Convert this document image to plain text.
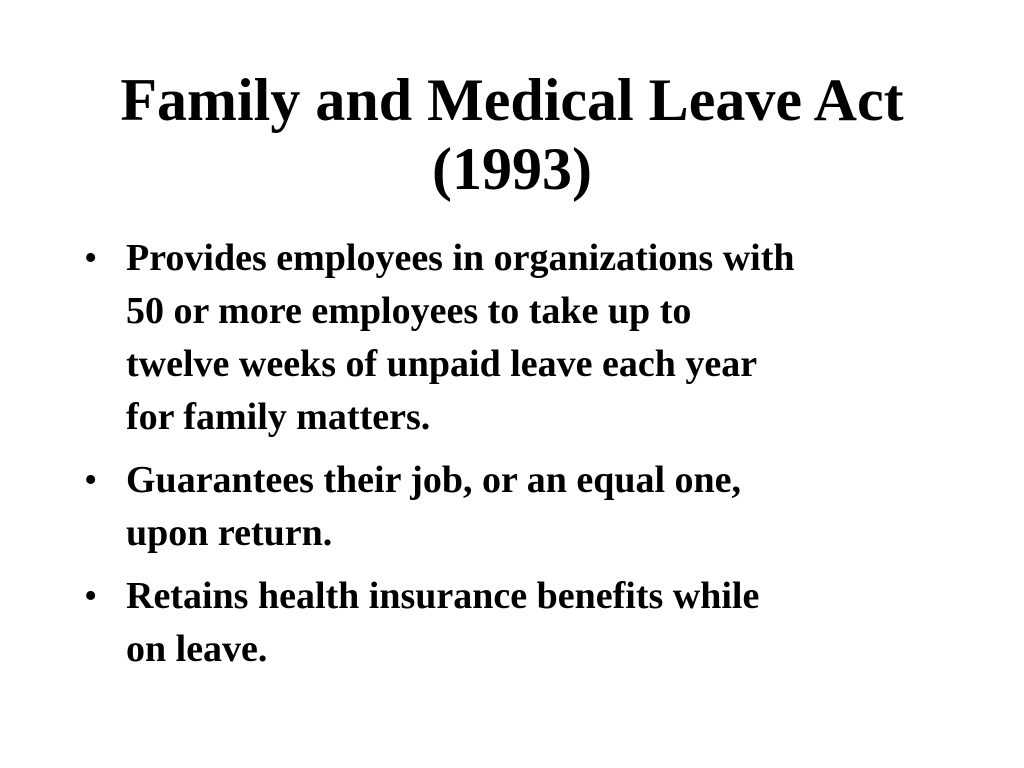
Family and Medical Leave Act
(1993)
• Provides employees in organizations with
50 or more employees to take up to
twelve weeks of unpaid leave each year
for family matters.
• Guarantees their job, or an equal one,
upon return.
• Retains health insurance benefits while
on leave.
